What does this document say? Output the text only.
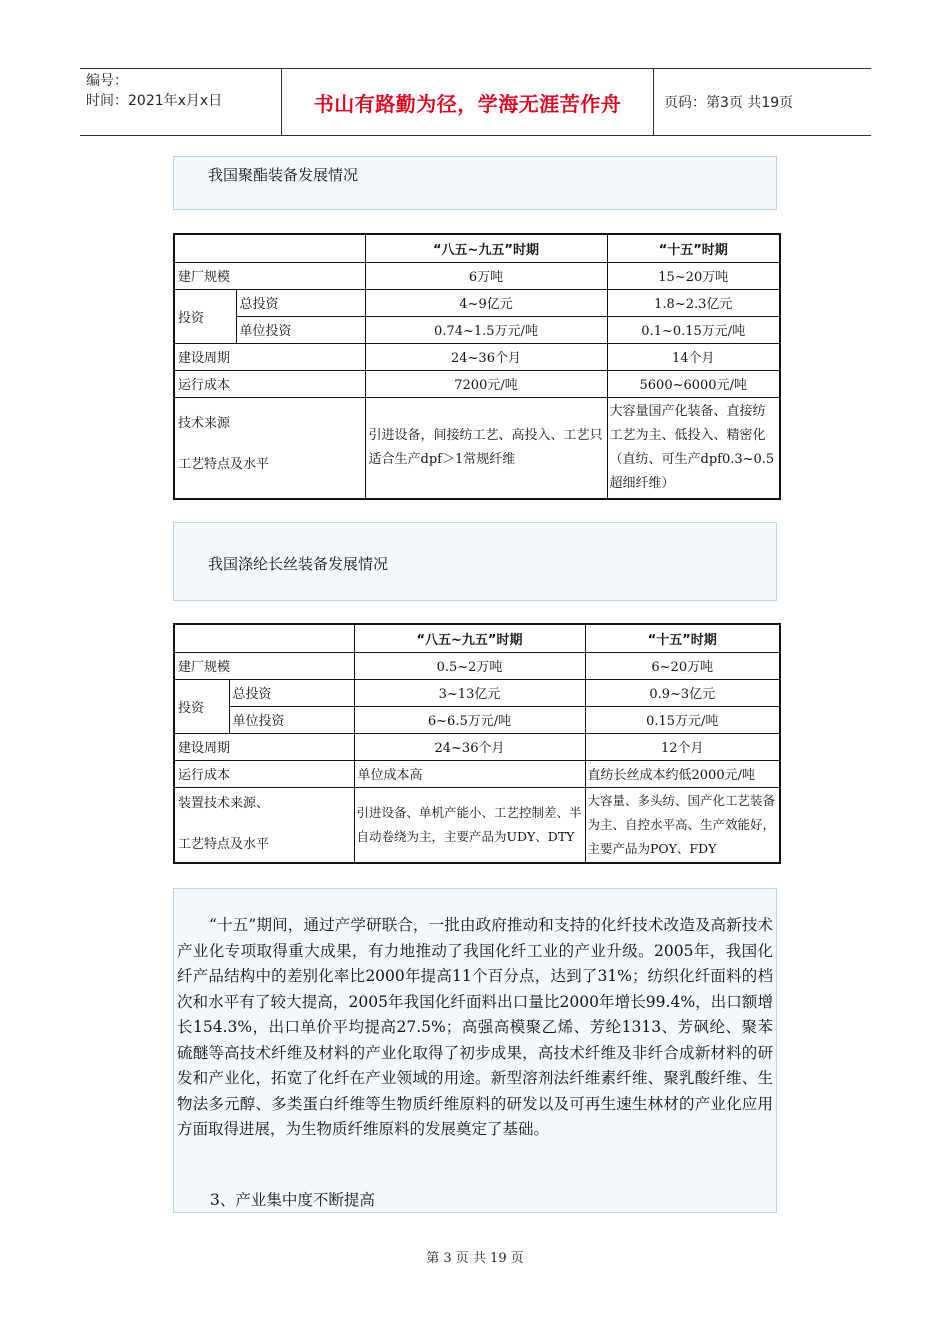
编号：
时间：2021年x月x日	书山有路勤为径，学海无涯苦作舟	页码：第3页 共19页
我国聚酯装备发展情况
		“八五~九五”时期	“十五”时期
建厂规模		6万吨	15~20万吨
投资	总投资	4~9亿元	1.8~2.3亿元
	单位投资	0.74~1.5万元/吨	0.1~0.15万元/吨
建设周期		24~36个月	14个月
运行成本		7200元/吨	5600~6000元/吨

技术来源
工艺特点及水平		引进设备，间接纺工艺、高投入、工艺只适合生产dpf＞1常规纤维	大容量国产化装备、直接纺工艺为主、低投入、精密化（直纺、可生产dpf0.3~0.5超细纤维）
我国涤纶长丝装备发展情况
		“八五~九五”时期	“十五”时期
建厂规模		0.5~2万吨	6~20万吨
投资	总投资	3~13亿元	0.9~3亿元
	单位投资	6~6.5万元/吨	0.15万元/吨
建设周期		24~36个月	12个月
运行成本		单位成本高	直纺长丝成本约低2000元/吨

装置技术来源、
工艺特点及水平		引进设备、单机产能小、工艺控制差、半自动卷绕为主，主要产品为UDY、DTY	大容量、多头纺、国产化工艺装备为主、自控水平高、生产效能好，主要产品为POY、FDY

“十五”期间，通过产学研联合，一批由政府推动和支持的化纤技术改造及高新技术产业化专项取得重大成果，有力地推动了我国化纤工业的产业升级。2005年，我国化纤产品结构中的差别化率比2000年提高11个百分点，达到了31%；纺织化纤面料的档次和水平有了较大提高，2005年我国化纤面料出口量比2000年增长99.4%，出口额增长154.3%，出口单价平均提高27.5%；高强高模聚乙烯、芳纶1313、芳砜纶、聚苯硫醚等高技术纤维及材料的产业化取得了初步成果，高技术纤维及非纤合成新材料的研发和产业化，拓宽了化纤在产业领域的用途。新型溶剂法纤维素纤维、聚乳酸纤维、生物法多元醇、多类蛋白纤维等生物质纤维原料的研发以及可再生速生林材的产业化应用方面取得进展，为生物质纤维原料的发展奠定了基础。

3、产业集中度不断提高
第 3 页 共 19 页
